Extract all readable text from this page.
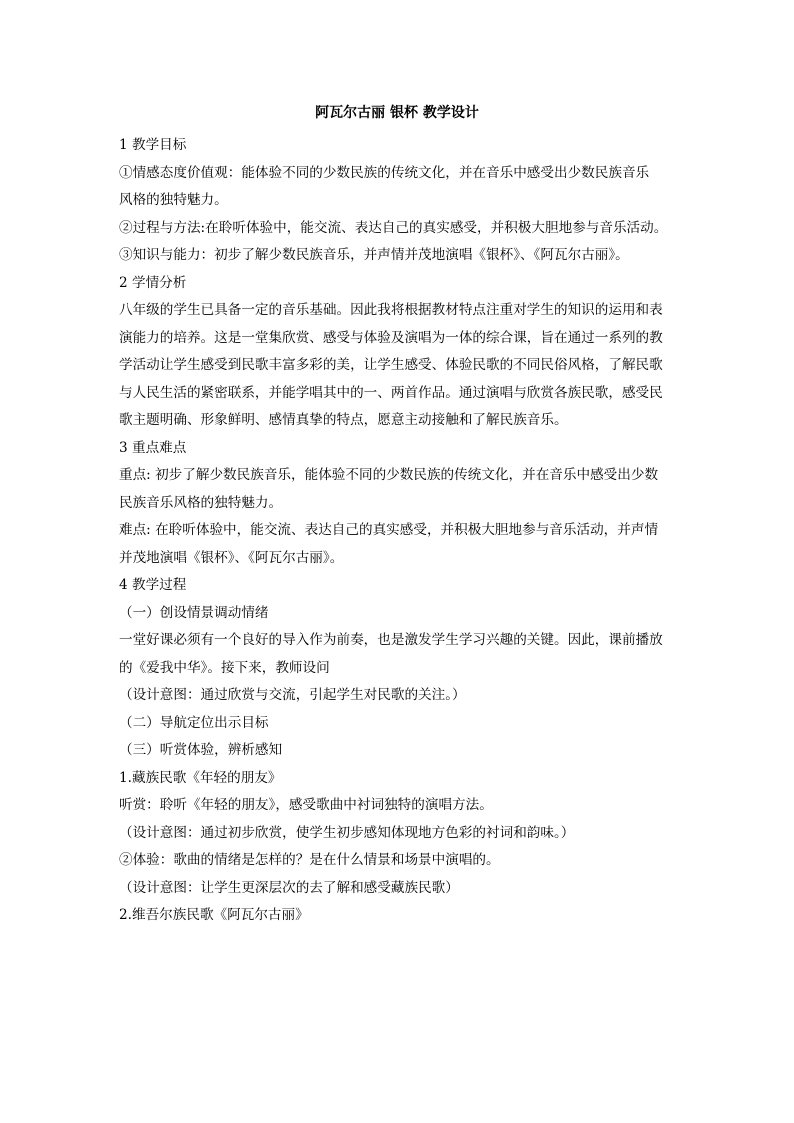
阿瓦尔古丽 银杯 教学设计

1 教学目标

①情感态度价值观：能体验不同的少数民族的传统文化，并在音乐中感受出少数民族音乐

风格的独特魅力。

②过程与方法:在聆听体验中，能交流、表达自己的真实感受，并积极大胆地参与音乐活动。

③知识与能力：初步了解少数民族音乐，并声情并茂地演唱《银杯》、《阿瓦尔古丽》。

2 学情分析

八年级的学生已具备一定的音乐基础。因此我将根据教材特点注重对学生的知识的运用和表

演能力的培养。这是一堂集欣赏、感受与体验及演唱为一体的综合课，旨在通过一系列的教

学活动让学生感受到民歌丰富多彩的美，让学生感受、体验民歌的不同民俗风格，了解民歌

与人民生活的紧密联系，并能学唱其中的一、两首作品。通过演唱与欣赏各族民歌，感受民

歌主题明确、形象鲜明、感情真挚的特点，愿意主动接触和了解民族音乐。

3 重点难点

重点: 初步了解少数民族音乐，能体验不同的少数民族的传统文化，并在音乐中感受出少数

民族音乐风格的独特魅力。

难点: 在聆听体验中，能交流、表达自己的真实感受，并积极大胆地参与音乐活动，并声情

并茂地演唱《银杯》、《阿瓦尔古丽》。

4 教学过程

（一）创设情景调动情绪

一堂好课必须有一个良好的导入作为前奏，也是激发学生学习兴趣的关键。因此，课前播放

的《爱我中华》。接下来，教师设问

（设计意图：通过欣赏与交流，引起学生对民歌的关注。）

（二）导航定位出示目标

（三）听赏体验，辨析感知

1.藏族民歌《年轻的朋友》

听赏：聆听《年轻的朋友》，感受歌曲中衬词独特的演唱方法。

（设计意图：通过初步欣赏，使学生初步感知体现地方色彩的衬词和韵味。）

②体验：歌曲的情绪是怎样的？是在什么情景和场景中演唱的。

（设计意图：让学生更深层次的去了解和感受藏族民歌）

2.维吾尔族民歌《阿瓦尔古丽》
